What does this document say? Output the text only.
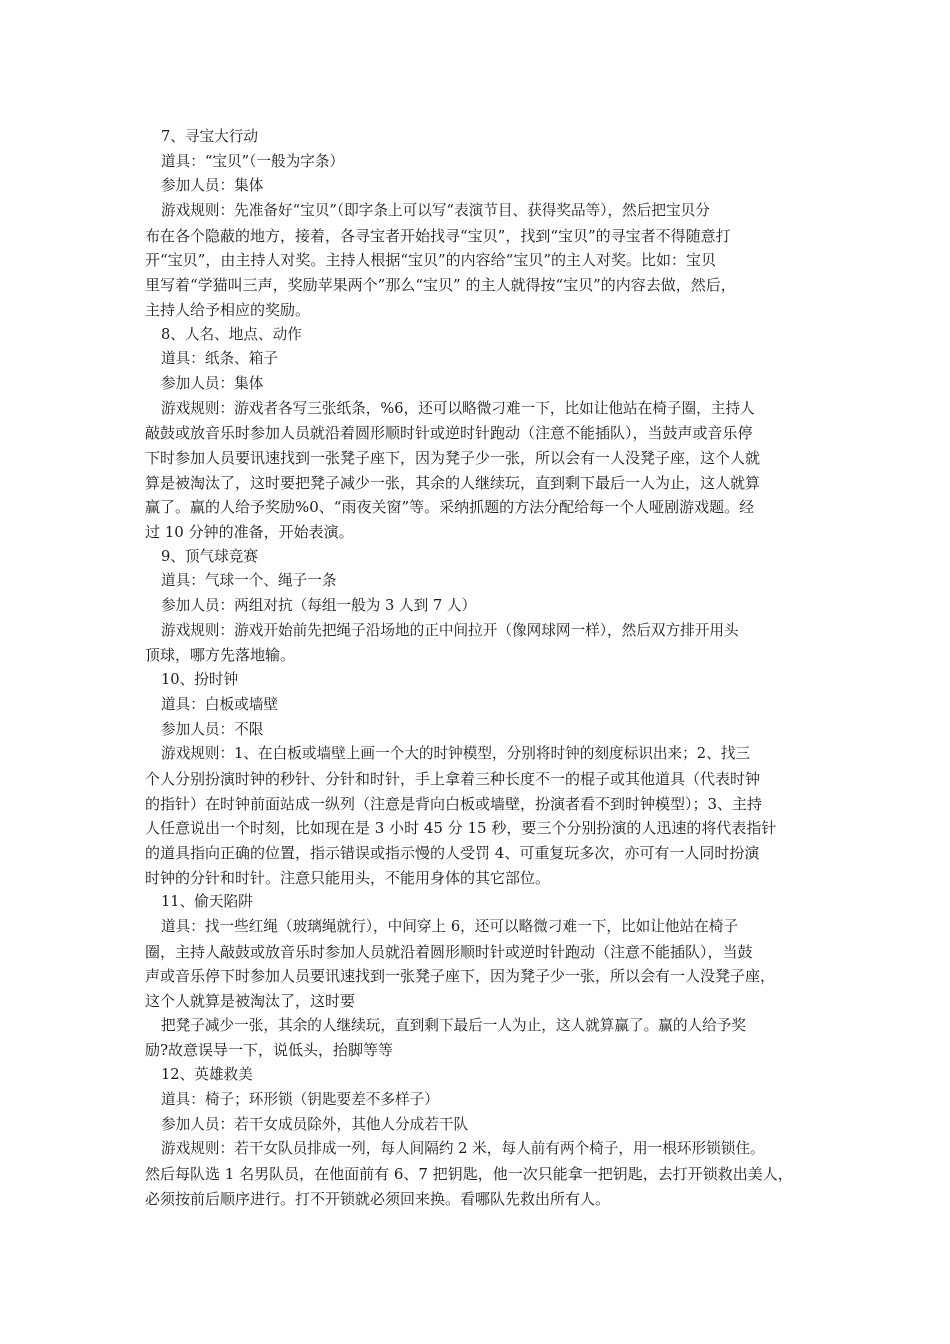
7、寻宝大行动
道具：“宝贝”（一般为字条）
参加人员：集体
游戏规则：先准备好“宝贝”（即字条上可以写“表演节目、获得奖品等），然后把宝贝分
布在各个隐蔽的地方，接着，各寻宝者开始找寻“宝贝”，找到“宝贝”的寻宝者不得随意打
开“宝贝”，由主持人对奖。主持人根据“宝贝”的内容给“宝贝”的主人对奖。比如：宝贝
里写着“学猫叫三声，奖励苹果两个”那么“宝贝” 的主人就得按“宝贝”的内容去做，然后，
主持人给予相应的奖励。
8、人名、地点、动作
道具：纸条、箱子
参加人员：集体
游戏规则：游戏者各写三张纸条，%6，还可以略微刁难一下，比如让他站在椅子圈，主持人
敲鼓或放音乐时参加人员就沿着圆形顺时针或逆时针跑动（注意不能插队），当鼓声或音乐停
下时参加人员要讯速找到一张凳子座下，因为凳子少一张，所以会有一人没凳子座，这个人就
算是被淘汰了，这时要把凳子减少一张，其余的人继续玩，直到剩下最后一人为止，这人就算
赢了。赢的人给予奖励%0、“雨夜关窗”等。采纳抓题的方法分配给每一个人哑剧游戏题。经
过 10 分钟的准备，开始表演。
9、顶气球竞赛
道具：气球一个、绳子一条
参加人员：两组对抗（每组一般为 3 人到 7 人）
游戏规则：游戏开始前先把绳子沿场地的正中间拉开（像网球网一样），然后双方排开用头
顶球，哪方先落地输。
10、扮时钟
道具：白板或墙壁
参加人员：不限
游戏规则：1、在白板或墙壁上画一个大的时钟模型，分别将时钟的刻度标识出来；2、找三
个人分别扮演时钟的秒针、分针和时针，手上拿着三种长度不一的棍子或其他道具（代表时钟
的指针）在时钟前面站成一纵列（注意是背向白板或墙壁，扮演者看不到时钟模型）；3、主持
人任意说出一个时刻，比如现在是 3 小时 45 分 15 秒，要三个分别扮演的人迅速的将代表指针
的道具指向正确的位置，指示错误或指示慢的人受罚 4、可重复玩多次，亦可有一人同时扮演
时钟的分针和时针。注意只能用头，不能用身体的其它部位。
11、偷天陷阱
道具：找一些红绳（玻璃绳就行），中间穿上 6，还可以略微刁难一下，比如让他站在椅子
圈，主持人敲鼓或放音乐时参加人员就沿着圆形顺时针或逆时针跑动（注意不能插队），当鼓
声或音乐停下时参加人员要讯速找到一张凳子座下，因为凳子少一张，所以会有一人没凳子座，
这个人就算是被淘汰了，这时要
把凳子减少一张，其余的人继续玩，直到剩下最后一人为止，这人就算赢了。赢的人给予奖
励?故意误导一下，说低头，抬脚等等
12、英雄救美
道具：椅子；环形锁（钥匙要差不多样子）
参加人员：若干女成员除外，其他人分成若干队
游戏规则：若干女队员排成一列，每人间隔约 2 米，每人前有两个椅子，用一根环形锁锁住。
然后每队选 1 名男队员，在他面前有 6、7 把钥匙，他一次只能拿一把钥匙，去打开锁救出美人，
必须按前后顺序进行。打不开锁就必须回来换。看哪队先救出所有人。
